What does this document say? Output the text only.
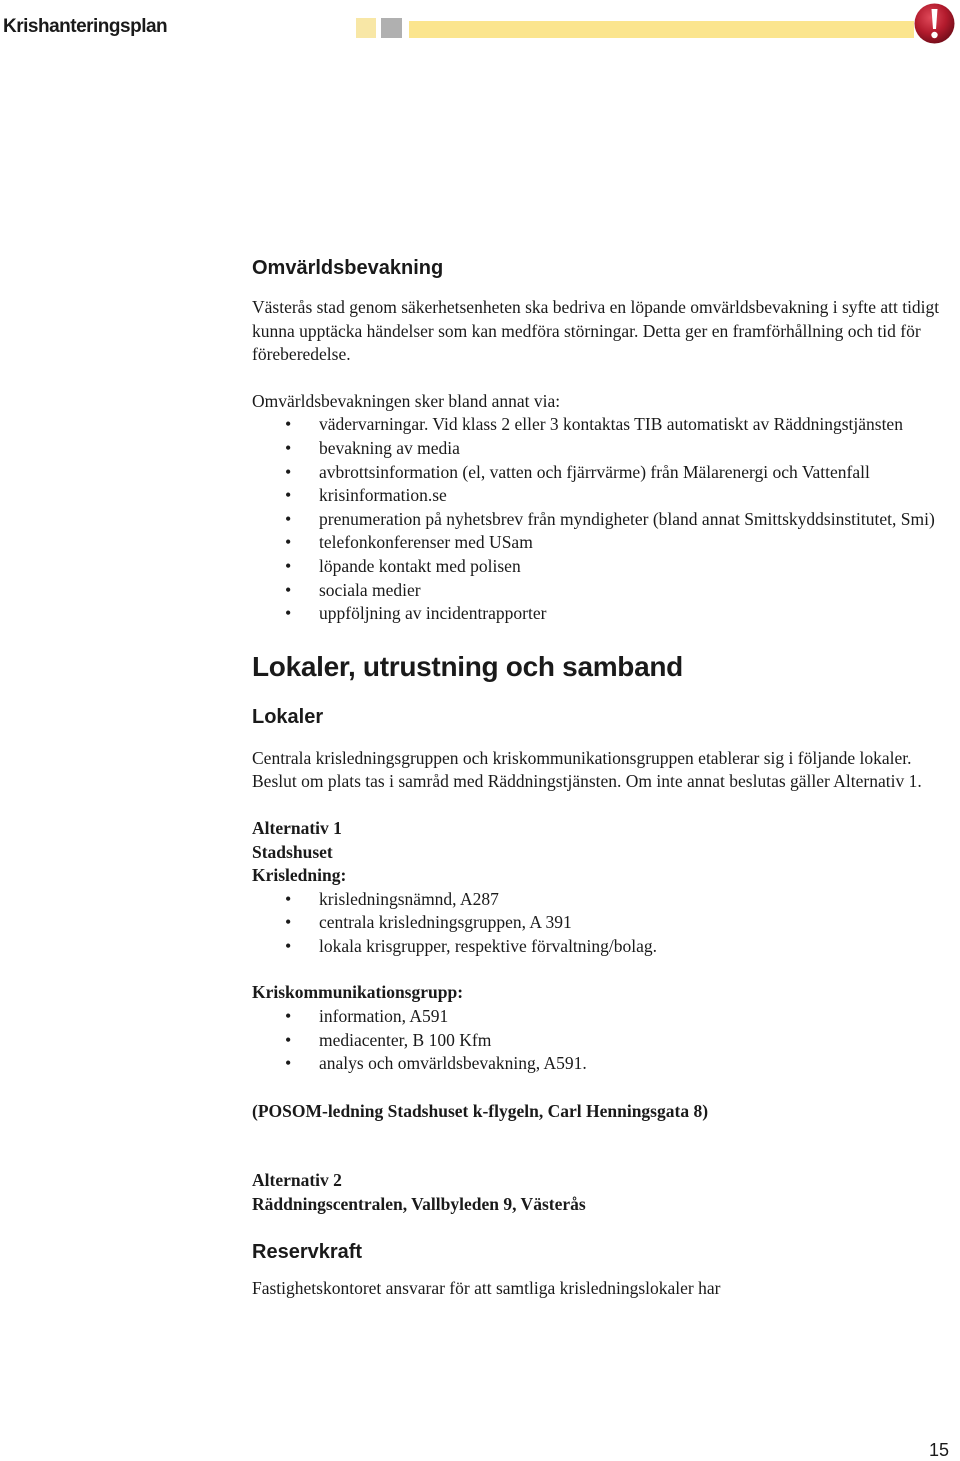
Krishanteringsplan
Omvärldsbevakning

Västerås stad genom säkerhetsenheten ska bedriva en löpande omvärldsbevakning i syfte att tidigt kunna upptäcka händelser som kan medföra störningar. Detta ger en framförhållning och tid för föreberedelse.

Omvärldsbevakningen sker bland annat via:

• vädervarningar. Vid klass 2 eller 3 kontaktas TIB automatiskt av Räddningstjänsten
• bevakning av media
• avbrottsinformation (el, vatten och fjärrvärme) från Mälarenergi och Vattenfall
• krisinformation.se
• prenumeration på nyhetsbrev från myndigheter (bland annat Smittskyddsinstitutet, Smi)
• telefonkonferenser med USam
• löpande kontakt med polisen
• sociala medier
• uppföljning av incidentrapporter
Lokaler, utrustning och samband
Lokaler

Centrala krisledningsgruppen och kriskommunikationsgruppen etablerar sig i följande lokaler. Beslut om plats tas i samråd med Räddningstjänsten. Om inte annat beslutas gäller Alternativ 1.

Alternativ 1

Stadshuset

Krisledning:

• krisledningsnämnd, A287
• centrala krisledningsgruppen, A 391
• lokala krisgrupper, respektive förvaltning/bolag.

Kriskommunikationsgrupp:

• information, A591
• mediacenter, B 100 Kfm
• analys och omvärldsbevakning, A591.

(POSOM-ledning Stadshuset k-flygeln, Carl Henningsgata 8)

Alternativ 2

Räddningscentralen, Vallbyleden 9, Västerås

Reservkraft

Fastighetskontoret ansvarar för att samtliga krisledningslokaler har

15
